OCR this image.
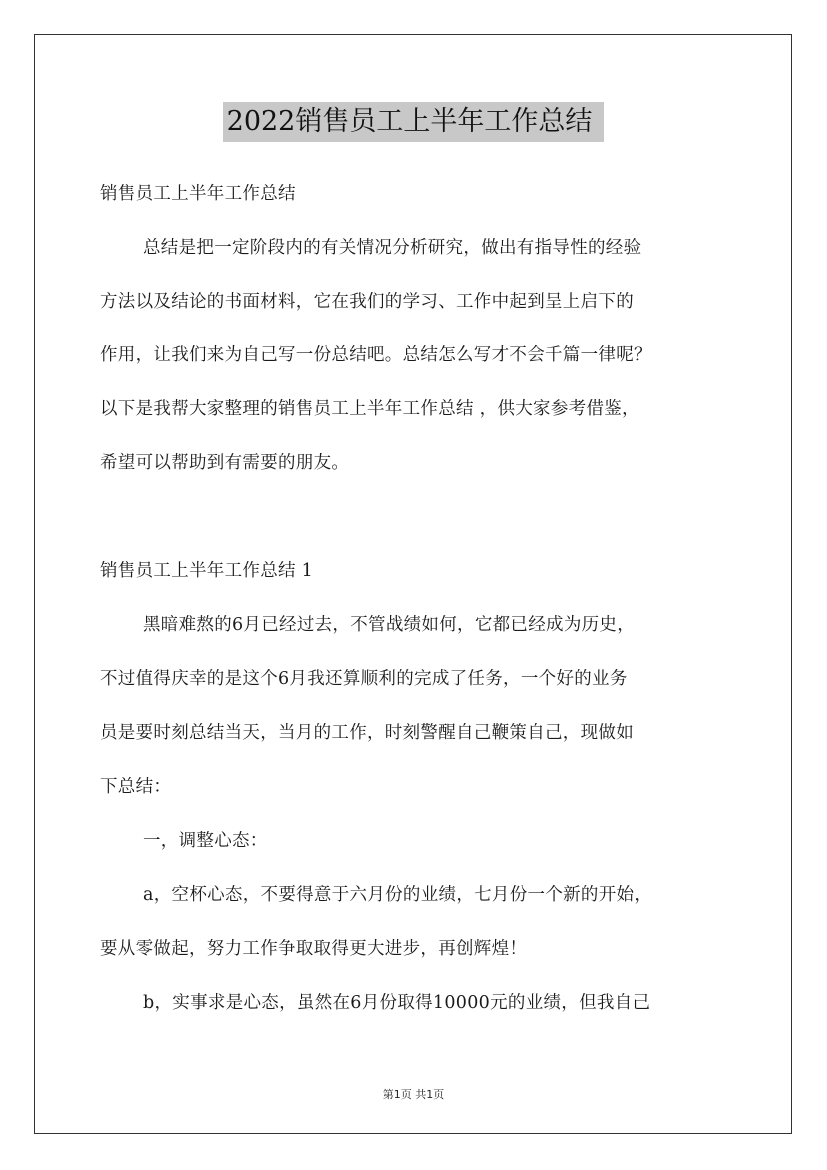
2022销售员工上半年工作总结
销售员工上半年工作总结
总结是把一定阶段内的有关情况分析研究，做出有指导性的经验
方法以及结论的书面材料，它在我们的学习、工作中起到呈上启下的
作用，让我们来为自己写一份总结吧。总结怎么写才不会千篇一律呢？
以下是我帮大家整理的销售员工上半年工作总结 ，供大家参考借鉴，
希望可以帮助到有需要的朋友。
销售员工上半年工作总结 1
黑暗难熬的6月已经过去，不管战绩如何，它都已经成为历史，
不过值得庆幸的是这个6月我还算顺利的完成了任务，一个好的业务
员是要时刻总结当天，当月的工作，时刻警醒自己鞭策自己，现做如
下总结：
一，调整心态：
a，空杯心态，不要得意于六月份的业绩，七月份一个新的开始，
要从零做起，努力工作争取取得更大进步，再创辉煌！
b，实事求是心态，虽然在6月份取得10000元的业绩，但我自己
第1页 共1页
